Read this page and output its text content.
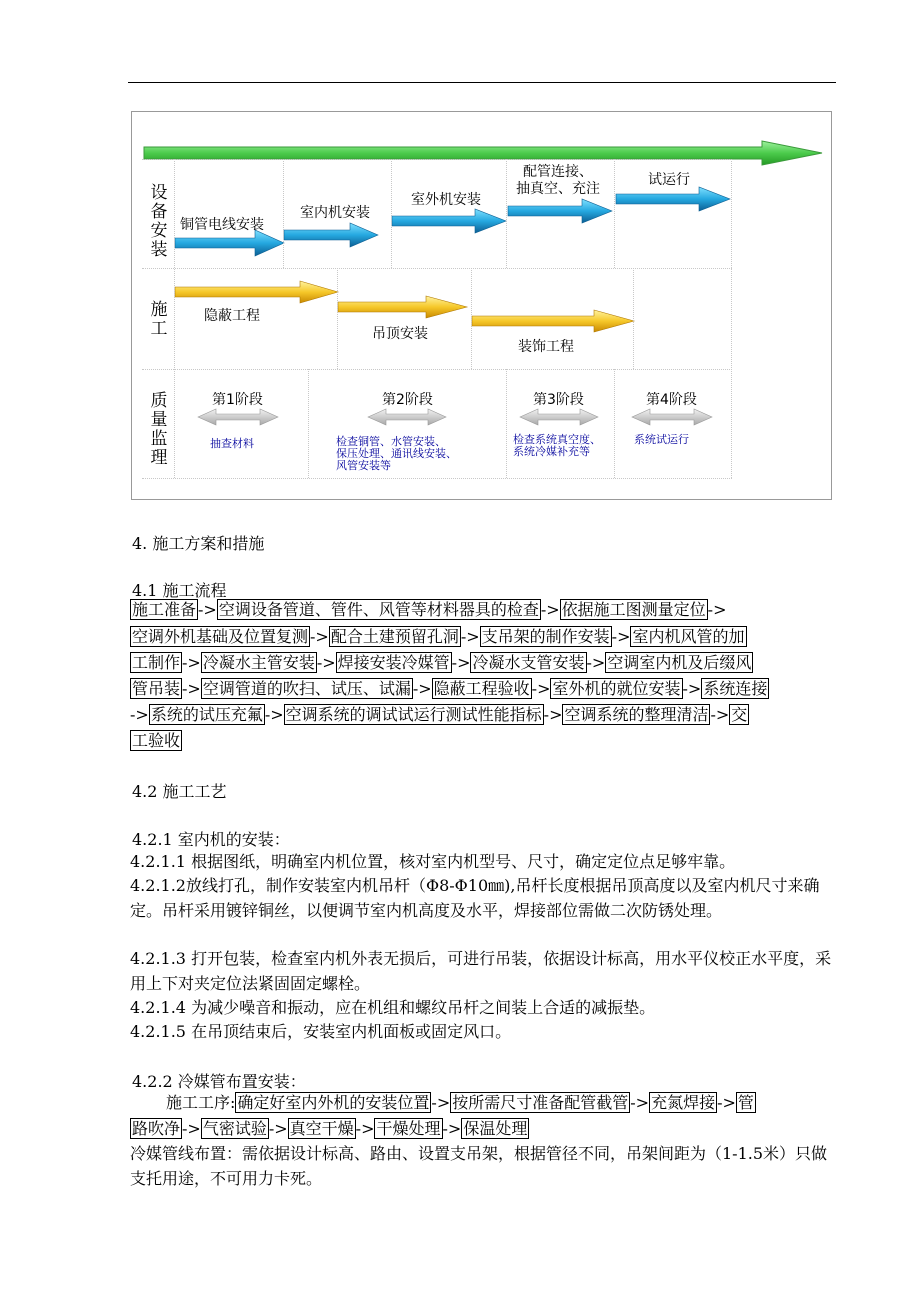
设备安装
施工
质量监理
铜管电线安装
室内机安装
室外机安装
配管连接、
抽真空、充注
试运行
隐蔽工程
吊顶安装
装饰工程
第1阶段	第2阶段	第3阶段	第4阶段
抽查材料	检查铜管、水管安装、
保压处理、通讯线安装、
风管安装等
检查系统真空度、
系统冷媒补充等
系统试运行
4. 施工方案和措施
4.1 施工流程
施工准备 -> 空调设备管道、管件、风管等材料器具的检查 -> 依据施工图测量定位 ->
空调外机基础及位置复测 -> 配合土建预留孔洞 -> 支吊架的制作安装 -> 室内机风管的加
工制作 -> 冷凝水主管安装 -> 焊接安装冷媒管 -> 冷凝水支管安装 -> 空调室内机及后缀风
管吊装 -> 空调管道的吹扫、试压、试漏 -> 隐蔽工程验收 -> 室外机的就位安装 -> 系统连接
-> 系统的试压充氟 -> 空调系统的调试试运行测试性能指标 -> 空调系统的整理清洁 -> 交
工验收
4.2 施工工艺
4.2.1 室内机的安装：
4.2.1.1 根据图纸，明确室内机位置，核对室内机型号、尺寸，确定定位点足够牢靠。
4.2.1.2放线打孔，制作安装室内机吊杆（Φ8-Φ10㎜),吊杆长度根据吊顶高度以及室内机尺寸来确定。吊杆采用镀锌铜丝，以便调节室内机高度及水平，焊接部位需做二次防锈处理。
4.2.1.3 打开包装，检查室内机外表无损后，可进行吊装，依据设计标高，用水平仪校正水平度，采用上下对夹定位法紧固固定螺栓。
4.2.1.4 为减少噪音和振动，应在机组和螺纹吊杆之间装上合适的减振垫。
4.2.1.5 在吊顶结束后，安装室内机面板或固定风口。
4.2.2 冷媒管布置安装：
施工工序: 确定好室内外机的安装位置 -> 按所需尺寸准备配管截管 -> 充氮焊接 -> 管
路吹净 -> 气密试验 -> 真空干燥 -> 干燥处理 -> 保温处理
冷媒管线布置：需依据设计标高、路由、设置支吊架，根据管径不同，吊架间距为（1-1.5米）只做支托用途，不可用力卡死。
